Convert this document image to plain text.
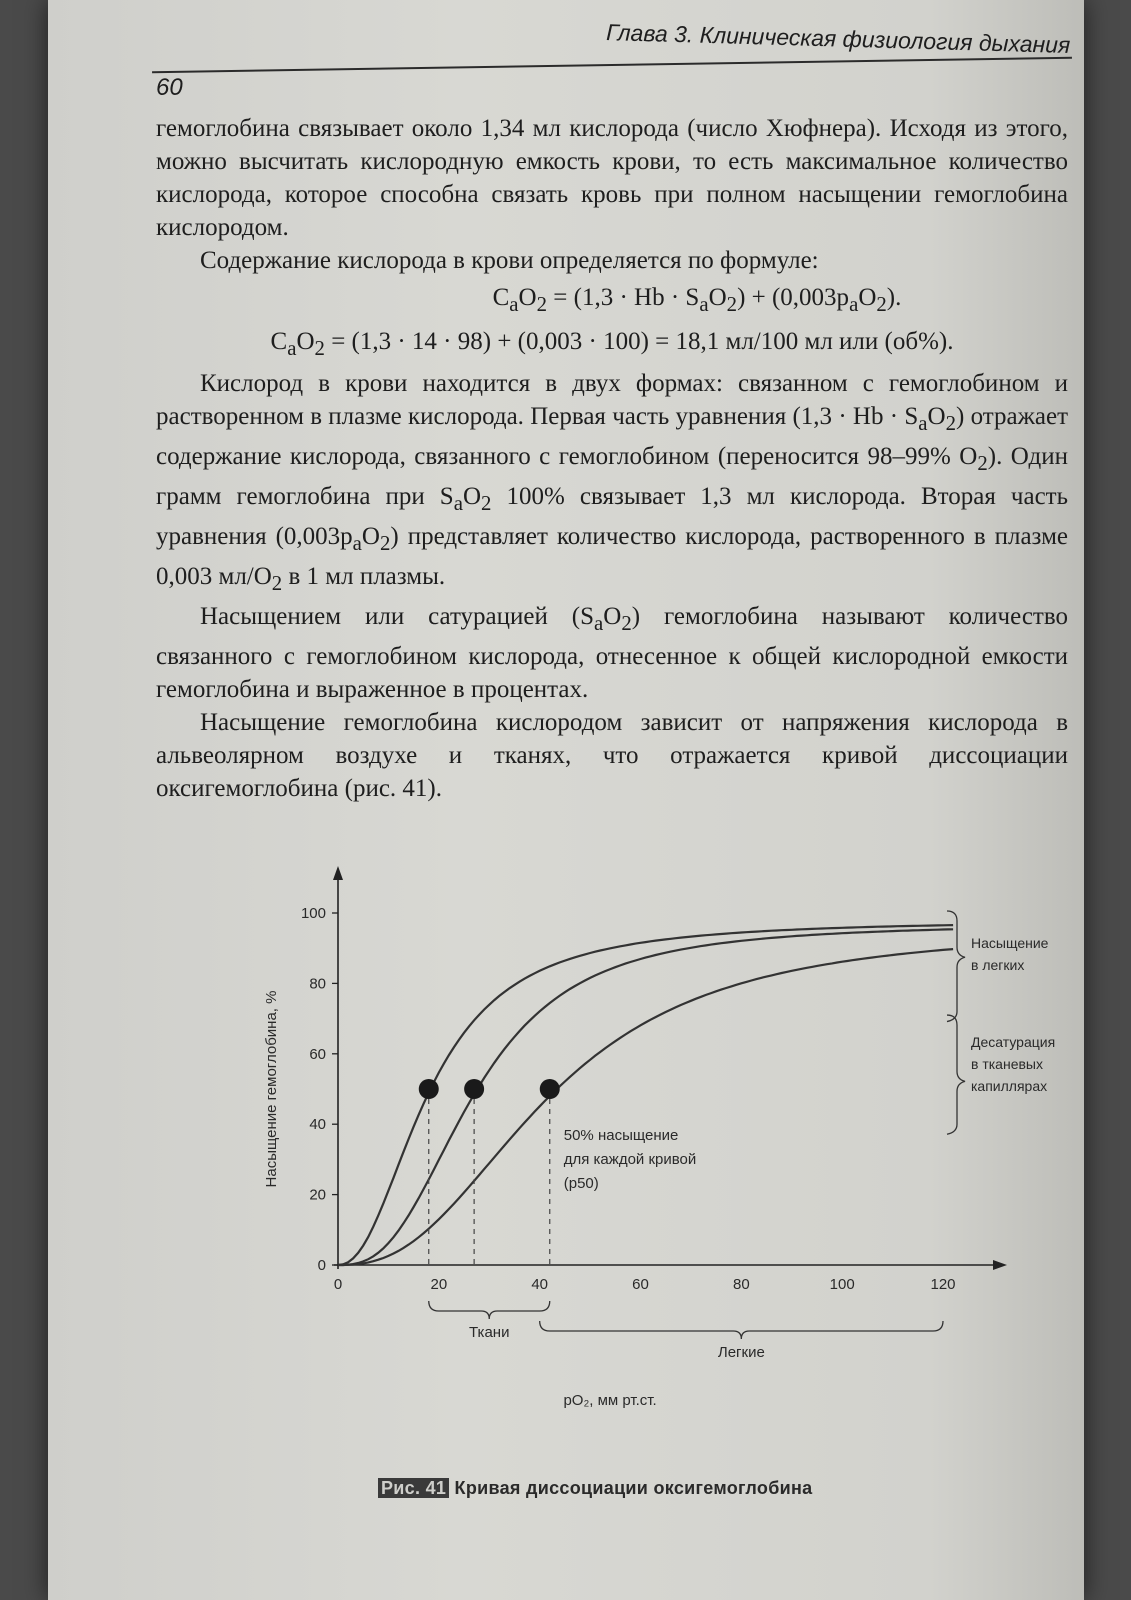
Глава 3. Клиническая физиология дыхания
60

гемоглобина связывает около 1,34 мл кислорода (число Хюфнера). Исходя из этого, можно высчитать кислородную емкость крови, то есть максимальное количество кислорода, которое способна связать кровь при полном насыщении гемоглобина кислородом.

Содержание кислорода в крови определяется по формуле:

$C_aO_2 = (1,3 \cdot Hb \cdot S_aO_2) + (0,003p_aO_2)$.
$C_aO_2 = (1,3 \cdot 14 \cdot 98) + (0,003 \cdot 100) = 18,1$ мл/100 мл или (об%).

Кислород в крови находится в двух формах: связанном с гемоглобином и растворенном в плазме кислорода. Первая часть уравнения $(1,3 \cdot Hb \cdot S_aO_2)$ отражает содержание кислорода, связанного с гемоглобином (переносится 98–99% $O_2$). Один грамм гемоглобина при $S_aO_2$ 100% связывает 1,3 мл кислорода. Вторая часть уравнения $(0,003p_aO_2)$ представляет количество кислорода, растворенного в плазме 0,003 $мл/O_2$ в 1 мл плазмы.

Насыщением или сатурацией $(S_aO_2)$ гемоглобина называют количество связанного с гемоглобином кислорода, отнесенное к общей кислородной емкости гемоглобина и выраженное в процентах.

Насыщение гемоглобина кислородом зависит от напряжения кислорода в альвеолярном воздухе и тканях, что отражается кривой диссоциации оксигемоглобина (рис. 41).

0
20
40
60
80
100
0	20	40	60	80	100	120
Насыщение гемоглобина, %
pO₂, мм рт.ст.
50% насыщение
для каждой кривой
(p50)
Насыщение
в легких
Десатурация
в тканевых
капиллярах
Ткани
Легкие
Рис. 41 Кривая диссоциации оксигемоглобина
